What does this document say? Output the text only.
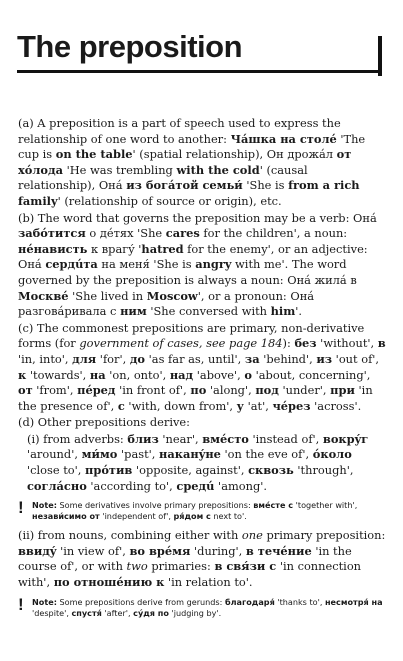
The preposition

(a) A preposition is a part of speech used to express the relationship of one word to another: Чáшка на столé 'The cup is on the table' (spatial relationship), Он дрожáл от хóлода 'He was trembling with the cold' (causal relationship), Онá из богáтой семьи́ 'She is from a rich family' (relationship of source or origin), etc.

(b) The word that governs the preposition may be a verb: Онá забóтится о дéтях 'She cares for the children', a noun: нéнависть к врагý 'hatred for the enemy', or an adjective: Онá сердúта на меня́ 'She is angry with me'. The word governed by the preposition is always a noun: Онá жилá в Москвé 'She lived in Moscow', or a pronoun: Онá разговáривала с ним 'She conversed with him'.

(c) The commonest prepositions are primary, non-derivative forms (for government of cases, see page 184): без 'without', в 'in, into', для 'for', до 'as far as, until', за 'behind', из 'out of', к 'towards', на 'on, onto', над 'above', о 'about, concerning', от 'from', пéред 'in front of', по 'along', под 'under', при 'in the presence of', с 'with, down from', у 'at', чéрез 'across'.

(d) Other prepositions derive:

(i) from adverbs: близ 'near', вмéсто 'instead of', вокрýг 'around', ми́мо 'past', наканýне 'on the eve of', óколо 'close to', прóтив 'opposite, against', сквозь 'through', соглáсно 'according to', средú 'among'.

! Note: Some derivatives involve primary prepositions: вмéсте с 'together with', незави́симо от 'independent of', ря́дом с next to'.

(ii) from nouns, combining either with one primary preposition: ввидý 'in view of', во врéмя 'during', в течéние 'in the course of', or with two primaries: в свя́зи с 'in connection with', по отношéнию к 'in relation to'.

! Note: Some prepositions derive from gerunds: благодаря́ 'thanks to', несмотря́ на 'despite', спустя́ 'after', сýдя по 'judging by'.
